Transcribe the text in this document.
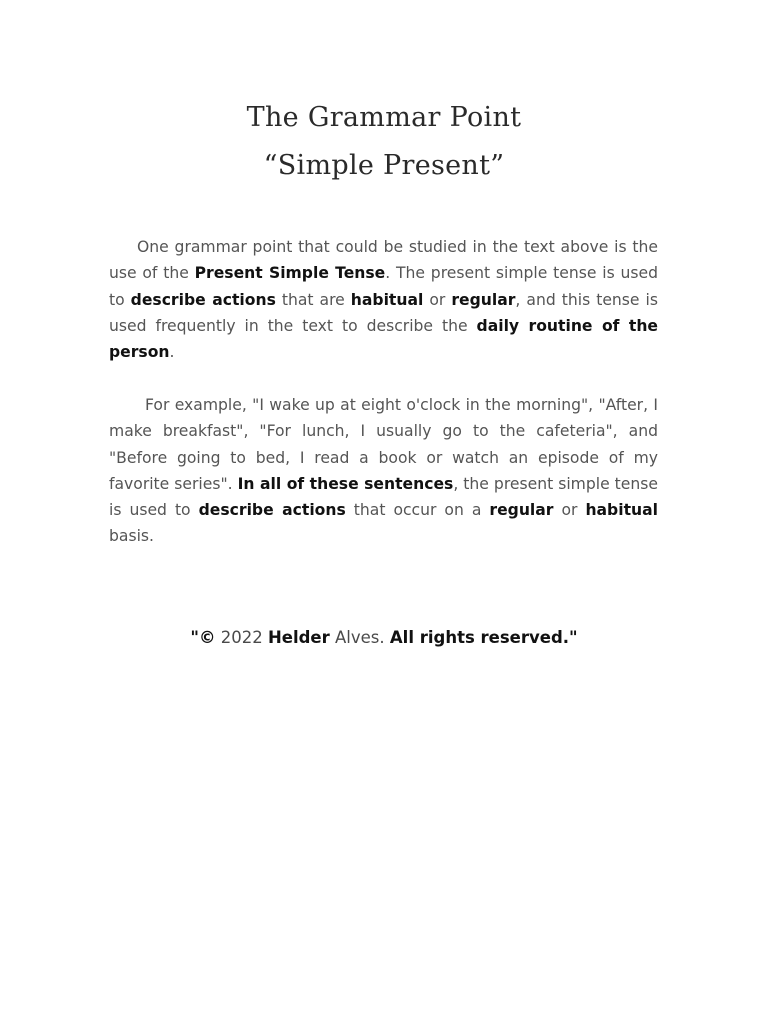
The Grammar Point
“Simple Present”

One grammar point that could be studied in the text above is the use of the Present Simple Tense. The present simple tense is used to describe actions that are habitual or regular, and this tense is used frequently in the text to describe the daily routine of the person.

For example, "I wake up at eight o'clock in the morning", "After, I make breakfast", "For lunch, I usually go to the cafeteria", and "Before going to bed, I read a book or watch an episode of my favorite series". In all of these sentences, the present simple tense is used to describe actions that occur on a regular or habitual basis.

"© 2022 Helder Alves. All rights reserved."
